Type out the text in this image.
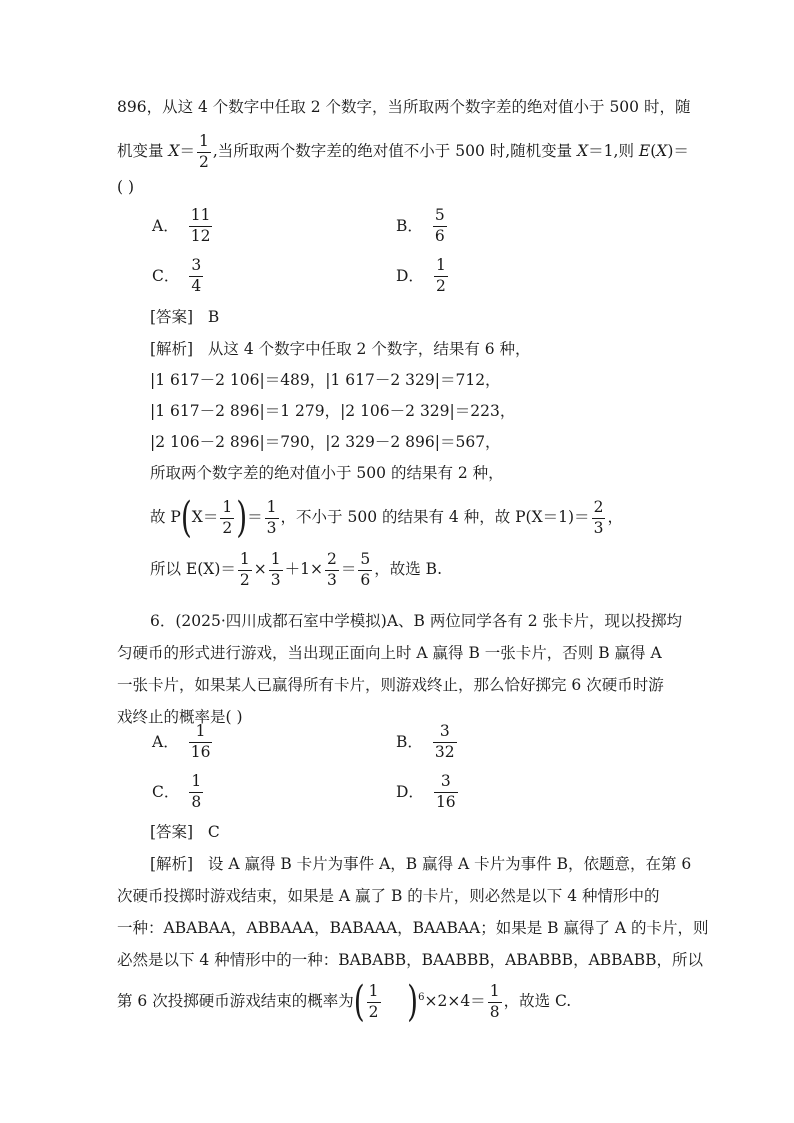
896，从这 4 个数字中任取 2 个数字，当所取两个数字差的绝对值小于 500 时，随
机变量 $X= \frac{1}{2}$ ,当所取两个数字差的绝对值不小于 500 时,随机变量 X＝1,则 E(X)＝
( )
A． $\frac{11}{12}$	B． $\frac{5}{6}$
C． $\frac{3}{4}$	D． $\frac{1}{2}$
[答案] B
[解析] 从这 4 个数字中任取 2 个数字，结果有 6 种，
|1 617－2 106|＝489，|1 617－2 329|＝712，
|1 617－2 896|＝1 279，|2 106－2 329|＝223，
|2 106－2 896|＝790，|2 329－2 896|＝567，
所取两个数字差的绝对值小于 500 的结果有 2 种，
故 $P(X= \frac{1}{2}$ )＝ $\frac{1}{3}$ ，不小于 500 的结果有 4 种，故 $P(X=1)= \frac{2}{3}$ ，
所以 $E(X)= \frac{1}{2} \times \frac{1}{3} +1\times \frac{2}{3} = \frac{5}{6}$ ，故选 B.
6．(2025·四川成都石室中学模拟)A、B 两位同学各有 2 张卡片，现以投掷均
匀硬币的形式进行游戏，当出现正面向上时 A 赢得 B 一张卡片，否则 B 赢得 A
一张卡片，如果某人已赢得所有卡片，则游戏终止，那么恰好掷完 6 次硬币时游
戏终止的概率是( )
A． $\frac{1}{16}$	B． $\frac{3}{32}$
C． $\frac{1}{8}$	D． $\frac{3}{16}$
[答案] C
[解析] 设 A 赢得 B 卡片为事件 A，B 赢得 A 卡片为事件 B，依题意，在第 6
次硬币投掷时游戏结束，如果是 A 赢了 B 的卡片，则必然是以下 4 种情形中的
一种：ABABAA，ABBAAA，BABAAA，BAABAA；如果是 B 赢得了 A 的卡片，则
必然是以下 4 种情形中的一种：BABABB，BAABBB，ABABBB，ABBABB，所以
第 6 次投掷硬币游戏结束的概率为( $\frac{1}{2} )^6\times 2\times 4= \frac{1}{8}$ ，故选 C.
